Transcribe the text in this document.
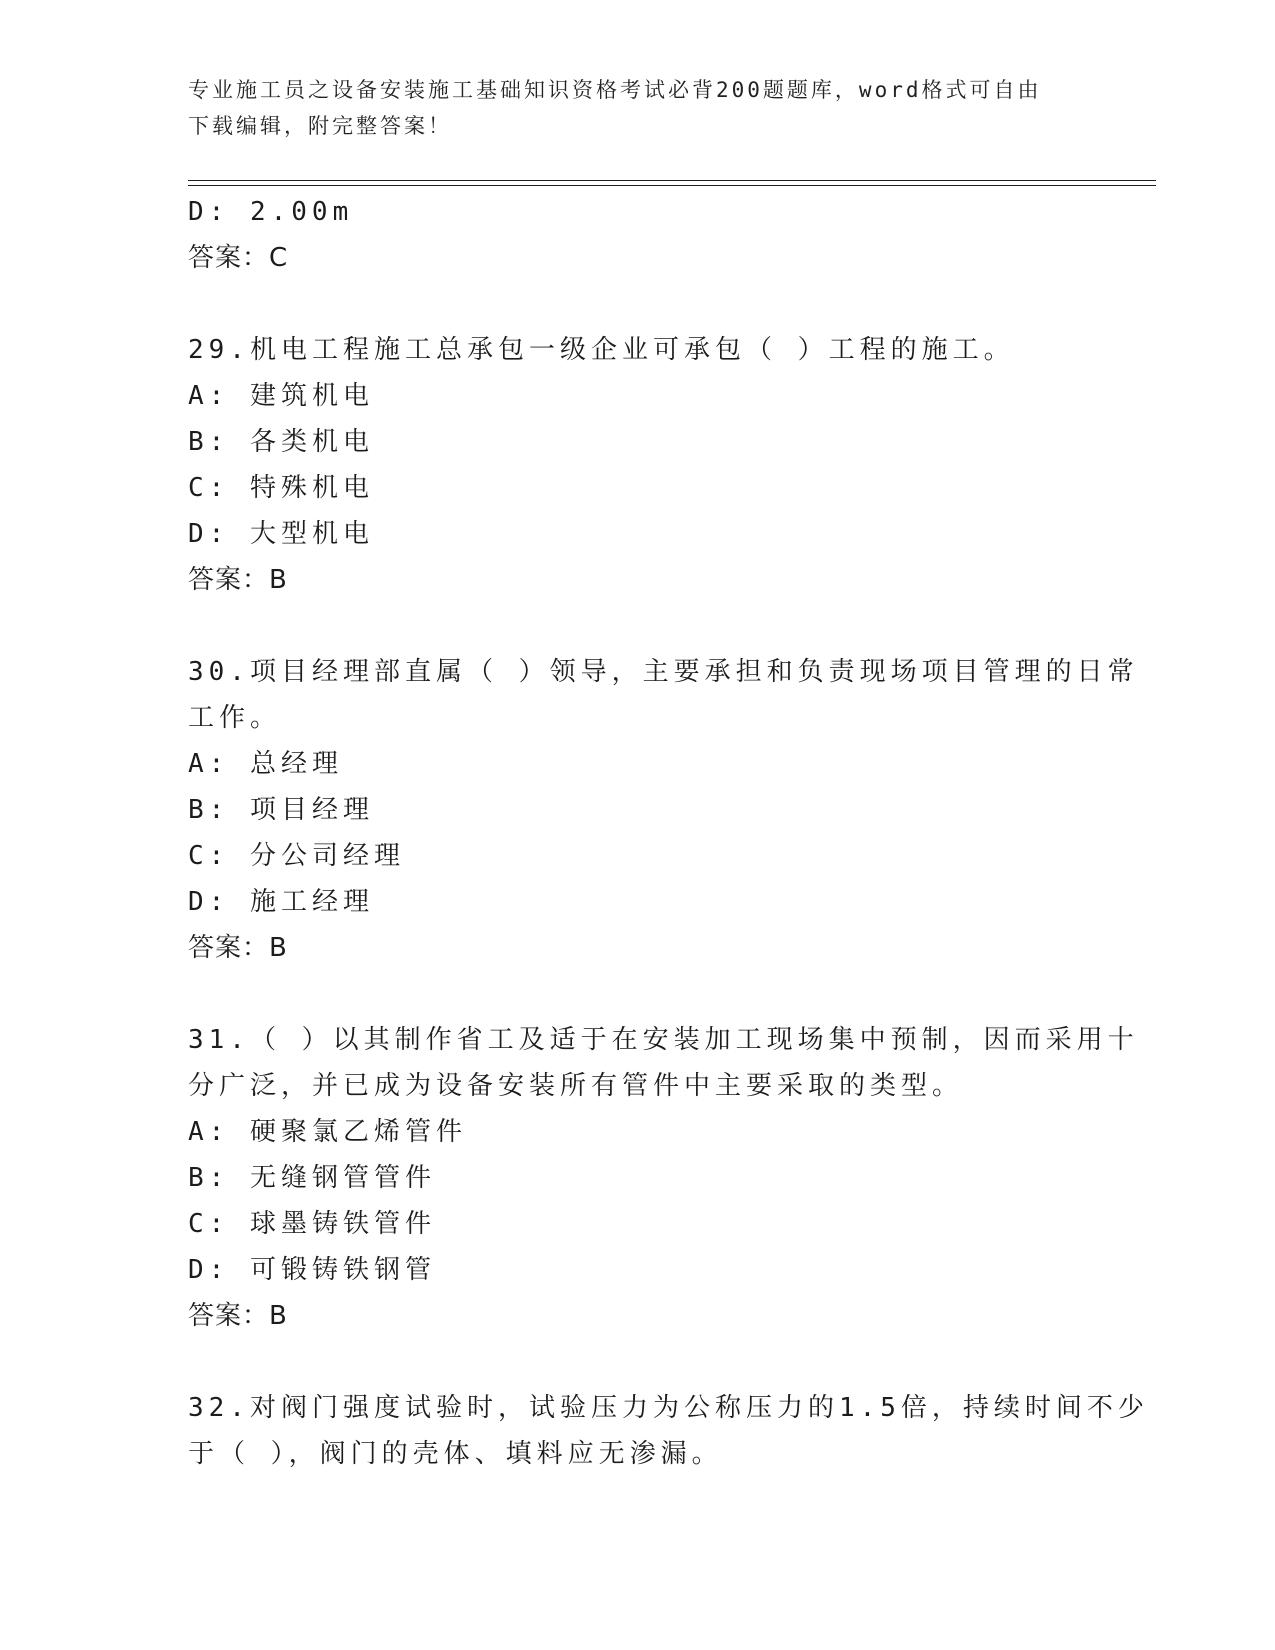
专业施工员之设备安装施工基础知识资格考试必背200题题库，word格式可自由
下载编辑，附完整答案！
D: 2.00m
答案：C
29.机电工程施工总承包一级企业可承包（ ）工程的施工。
A: 建筑机电
B: 各类机电
C: 特殊机电
D: 大型机电
答案：B
30.项目经理部直属（ ）领导，主要承担和负责现场项目管理的日常
工作。
A: 总经理
B: 项目经理
C: 分公司经理
D: 施工经理
答案：B
31.（ ）以其制作省工及适于在安装加工现场集中预制，因而采用十
分广泛，并已成为设备安装所有管件中主要采取的类型。
A: 硬聚氯乙烯管件
B: 无缝钢管管件
C: 球墨铸铁管件
D: 可锻铸铁钢管
答案：B
32.对阀门强度试验时，试验压力为公称压力的1.5倍，持续时间不少
于（ ），阀门的壳体、填料应无渗漏。
